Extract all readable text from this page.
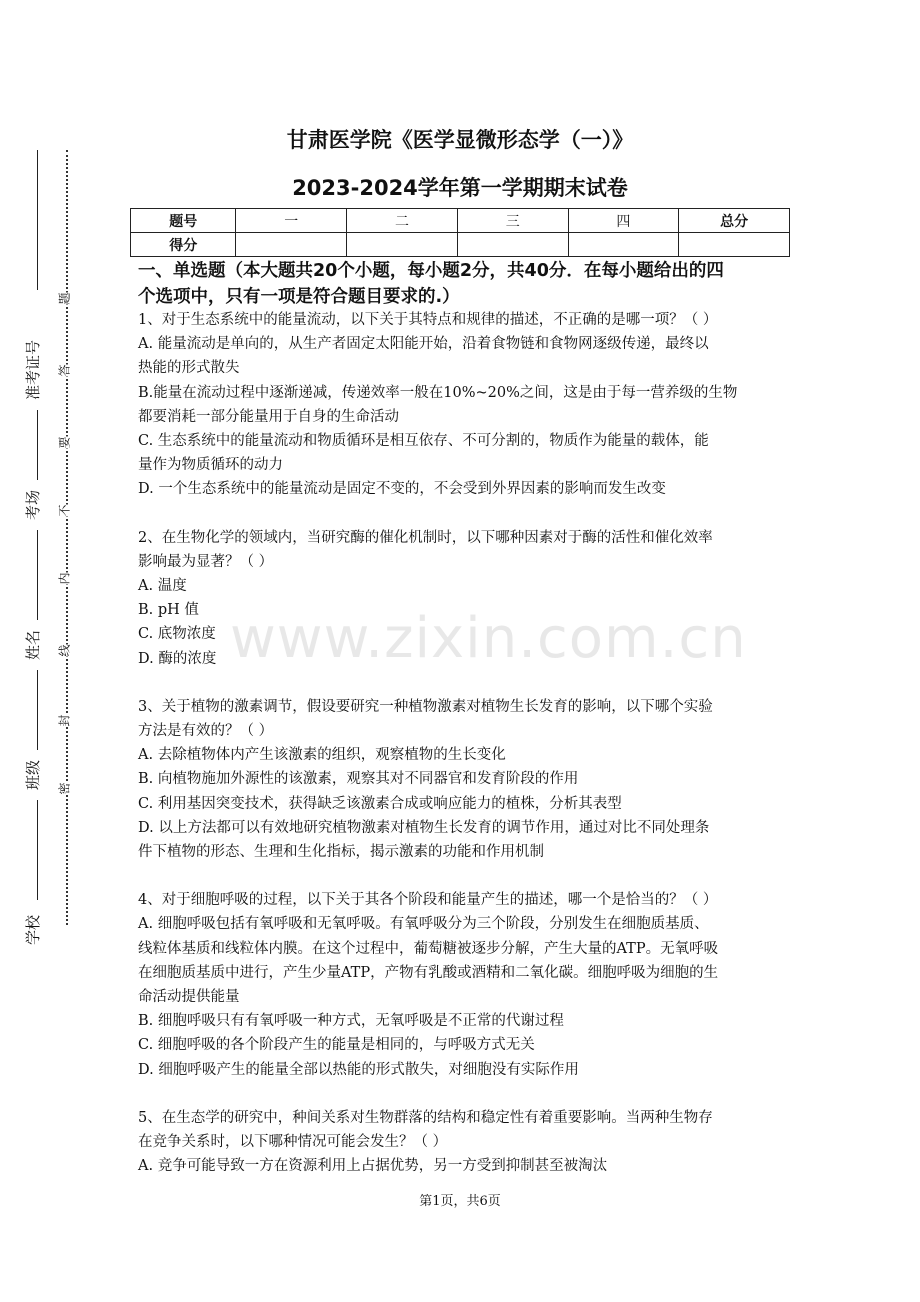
准考证号
考场
姓名
班级
学校
题
答
要
不
内
线
封
密
甘肃医学院《医学显微形态学（一）》
2023-2024学年第一学期期末试卷
题号	一	二	三	四	总分
得分					
一、单选题（本大题共20个小题，每小题2分，共40分．在每小题给出的四
个选项中，只有一项是符合题目要求的.）

1、对于生态系统中的能量流动，以下关于其特点和规律的描述，不正确的是哪一项？（ ）

A. 能量流动是单向的，从生产者固定太阳能开始，沿着食物链和食物网逐级传递，最终以

热能的形式散失

B.能量在流动过程中逐渐递减，传递效率一般在10%~20%之间，这是由于每一营养级的生物

都要消耗一部分能量用于自身的生命活动

C. 生态系统中的能量流动和物质循环是相互依存、不可分割的，物质作为能量的载体，能

量作为物质循环的动力

D. 一个生态系统中的能量流动是固定不变的，不会受到外界因素的影响而发生改变

2、在生物化学的领域内，当研究酶的催化机制时，以下哪种因素对于酶的活性和催化效率

影响最为显著？（ ）

A. 温度

B. pH 值

C. 底物浓度

D. 酶的浓度

3、关于植物的激素调节，假设要研究一种植物激素对植物生长发育的影响，以下哪个实验

方法是有效的？（ ）

A. 去除植物体内产生该激素的组织，观察植物的生长变化

B. 向植物施加外源性的该激素，观察其对不同器官和发育阶段的作用

C. 利用基因突变技术，获得缺乏该激素合成或响应能力的植株，分析其表型

D. 以上方法都可以有效地研究植物激素对植物生长发育的调节作用，通过对比不同处理条

件下植物的形态、生理和生化指标，揭示激素的功能和作用机制

4、对于细胞呼吸的过程，以下关于其各个阶段和能量产生的描述，哪一个是恰当的？（ ）

A. 细胞呼吸包括有氧呼吸和无氧呼吸。有氧呼吸分为三个阶段，分别发生在细胞质基质、

线粒体基质和线粒体内膜。在这个过程中，葡萄糖被逐步分解，产生大量的ATP。无氧呼吸

在细胞质基质中进行，产生少量ATP，产物有乳酸或酒精和二氧化碳。细胞呼吸为细胞的生

命活动提供能量

B. 细胞呼吸只有有氧呼吸一种方式，无氧呼吸是不正常的代谢过程

C. 细胞呼吸的各个阶段产生的能量是相同的，与呼吸方式无关

D. 细胞呼吸产生的能量全部以热能的形式散失，对细胞没有实际作用

5、在生态学的研究中，种间关系对生物群落的结构和稳定性有着重要影响。当两种生物存

在竞争关系时，以下哪种情况可能会发生？（ ）

A. 竞争可能导致一方在资源利用上占据优势，另一方受到抑制甚至被淘汰

www.zixin.com.cn
第1页，共6页
